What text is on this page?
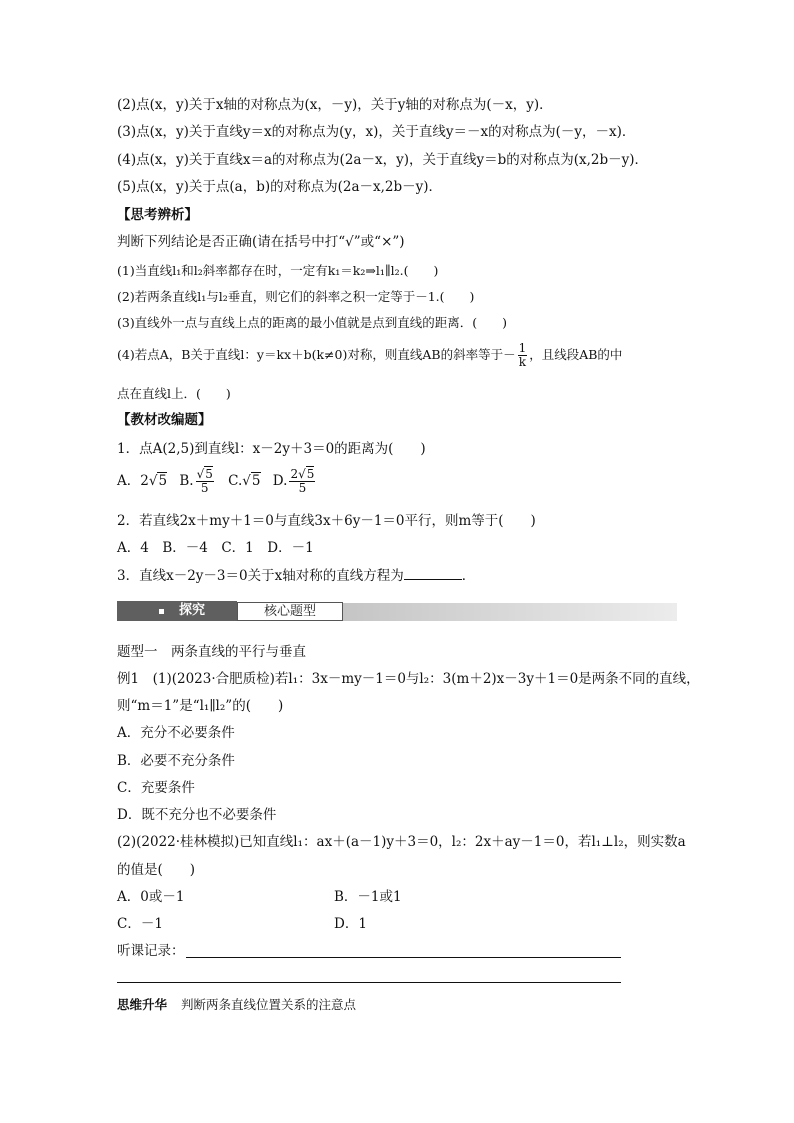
(2)点(x，y)关于x轴的对称点为(x，－y)，关于y轴的对称点为(－x，y)．
(3)点(x，y)关于直线y＝x的对称点为(y，x)，关于直线y＝－x的对称点为(－y，－x)．
(4)点(x，y)关于直线x＝a的对称点为(2a－x，y)，关于直线y＝b的对称点为(x,2b－y)．
(5)点(x，y)关于点(a，b)的对称点为(2a－x,2b－y)．
【思考辨析】
判断下列结论是否正确(请在括号中打“√”或“×”)
(1)当直线l₁和l₂斜率都存在时，一定有k₁＝k₂⇒l₁∥l₂.(　　)
(2)若两条直线l₁与l₂垂直，则它们的斜率之积一定等于－1.(　　)
(3)直线外一点与直线上点的距离的最小值就是点到直线的距离．(　　)
(4)若点A，B关于直线l：y＝kx＋b(k≠0)对称，则直线AB的斜率等于－ $\frac{1}{k}$ ，且线段AB的中
点在直线l上．(　　)
【教材改编题】
1．点A(2,5)到直线l：x－2y＋3＝0的距离为(　　)
A．2√5 B. $\frac{√5}{5} C.√5$ D. $\frac{2√5}{5}$
2．若直线2x＋my＋1＝0与直线3x＋6y－1＝0平行，则m等于(　　)
A．4　B．－4　C．1　D．－1
3．直线x－2y－3＝0关于x轴对称的直线方程为	．
探究	核心题型
题型一　两条直线的平行与垂直
例1　(1)(2023·合肥质检)若l₁：3x－my－1＝0与l₂：3(m＋2)x－3y＋1＝0是两条不同的直线，
则“m＝1”是“l₁∥l₂”的(　　)
A．充分不必要条件
B．必要不充分条件
C．充要条件
D．既不充分也不必要条件
(2)(2022·桂林模拟)已知直线l₁：ax＋(a－1)y＋3＝0，l₂：2x＋ay－1＝0，若l₁⊥l₂，则实数a
的值是(　　)
A．0或－1	B．－1或1
C．－1	D．1
听课记录：
思维升华 判断两条直线位置关系的注意点
